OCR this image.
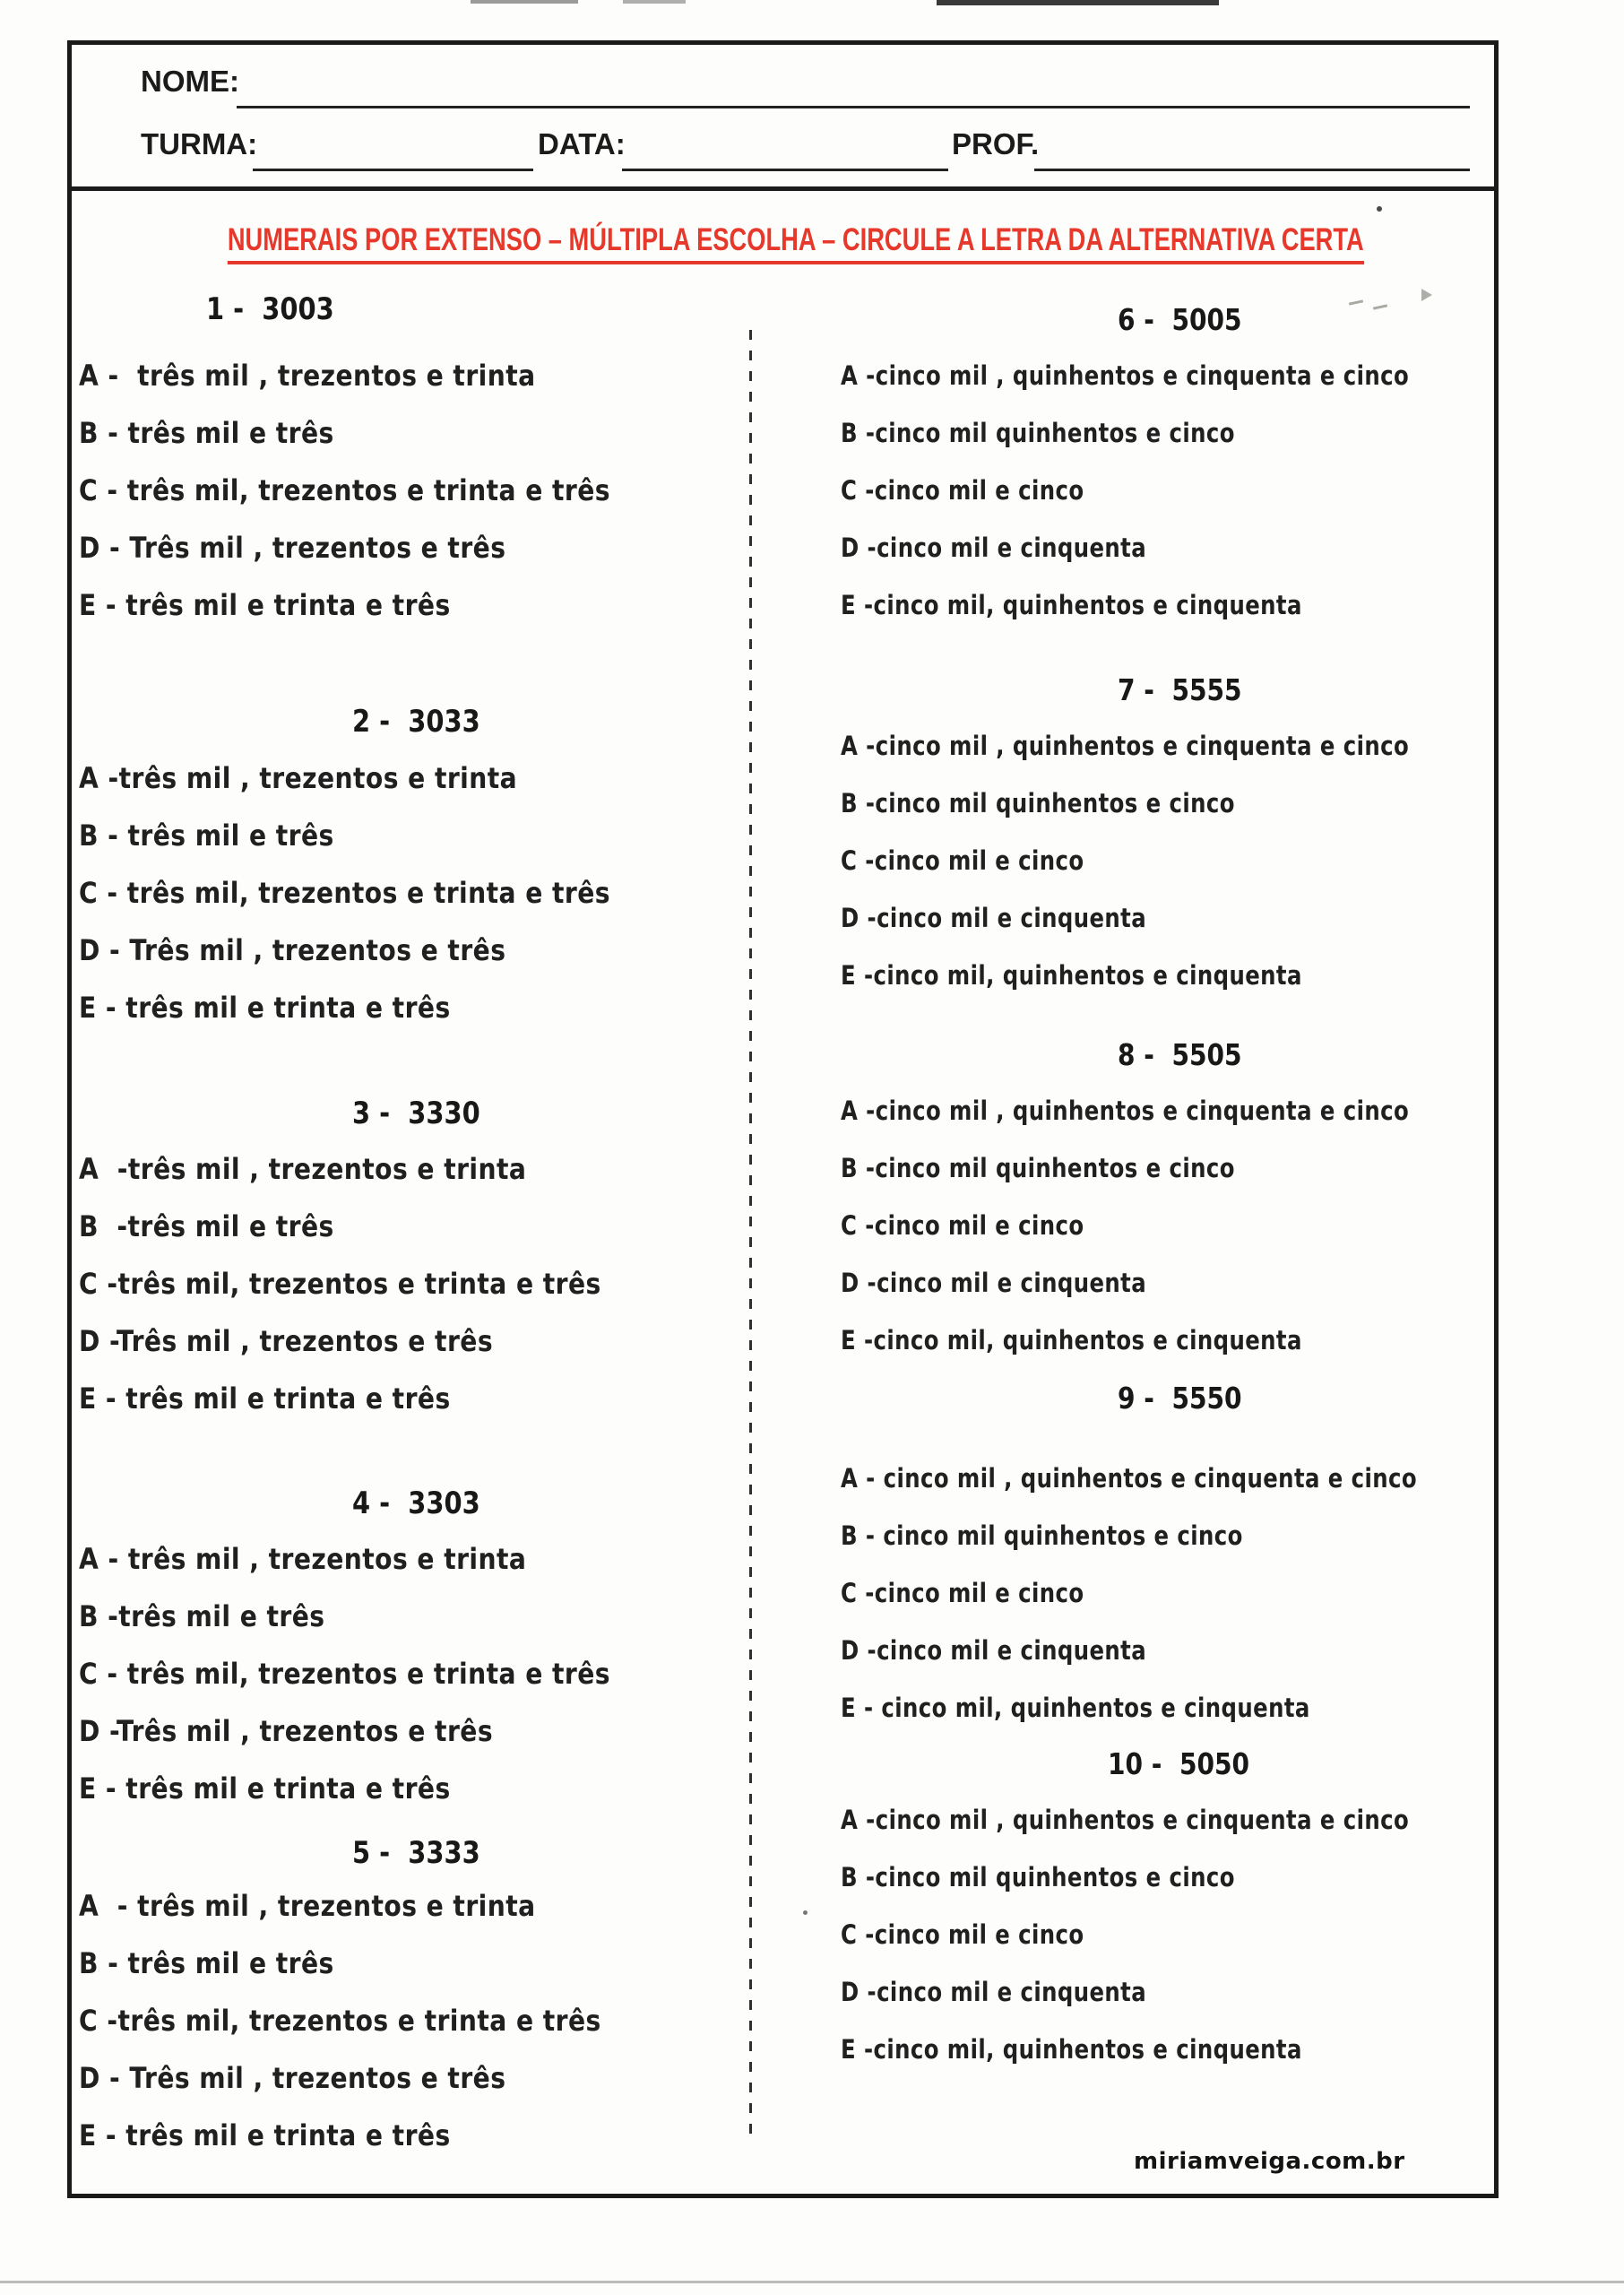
NOME:
TURMA:	DATA:	PROF.
NUMERAIS POR EXTENSO – MÚLTIPLA ESCOLHA – CIRCULE A LETRA DA ALTERNATIVA CERTA
1 -  3003
A -  três mil , trezentos e trinta
B - três mil e três
C - três mil, trezentos e trinta e três
D - Três mil , trezentos e três
E - três mil e trinta e três
2 -  3033
A -três mil , trezentos e trinta
B - três mil e três
C - três mil, trezentos e trinta e três
D - Três mil , trezentos e três
E - três mil e trinta e três
3 -  3330
A  -três mil , trezentos e trinta
B  -três mil e três
C -três mil, trezentos e trinta e três
D -Três mil , trezentos e três
E - três mil e trinta e três
4 -  3303
A - três mil , trezentos e trinta
B -três mil e três
C - três mil, trezentos e trinta e três
D -Três mil , trezentos e três
E - três mil e trinta e três
5 -  3333
A  - três mil , trezentos e trinta
B - três mil e três
C -três mil, trezentos e trinta e três
D - Três mil , trezentos e três
E - três mil e trinta e três
6 -  5005
A -cinco mil , quinhentos e cinquenta e cinco
B -cinco mil quinhentos e cinco
C -cinco mil e cinco
D -cinco mil e cinquenta
E -cinco mil, quinhentos e cinquenta
7 -  5555
A -cinco mil , quinhentos e cinquenta e cinco
B -cinco mil quinhentos e cinco
C -cinco mil e cinco
D -cinco mil e cinquenta
E -cinco mil, quinhentos e cinquenta
8 -  5505
A -cinco mil , quinhentos e cinquenta e cinco
B -cinco mil quinhentos e cinco
C -cinco mil e cinco
D -cinco mil e cinquenta
E -cinco mil, quinhentos e cinquenta
9 -  5550
A - cinco mil , quinhentos e cinquenta e cinco
B - cinco mil quinhentos e cinco
C -cinco mil e cinco
D -cinco mil e cinquenta
E - cinco mil, quinhentos e cinquenta
10 -  5050
A -cinco mil , quinhentos e cinquenta e cinco
B -cinco mil quinhentos e cinco
C -cinco mil e cinco
D -cinco mil e cinquenta
E -cinco mil, quinhentos e cinquenta
miriamveiga.com.br
